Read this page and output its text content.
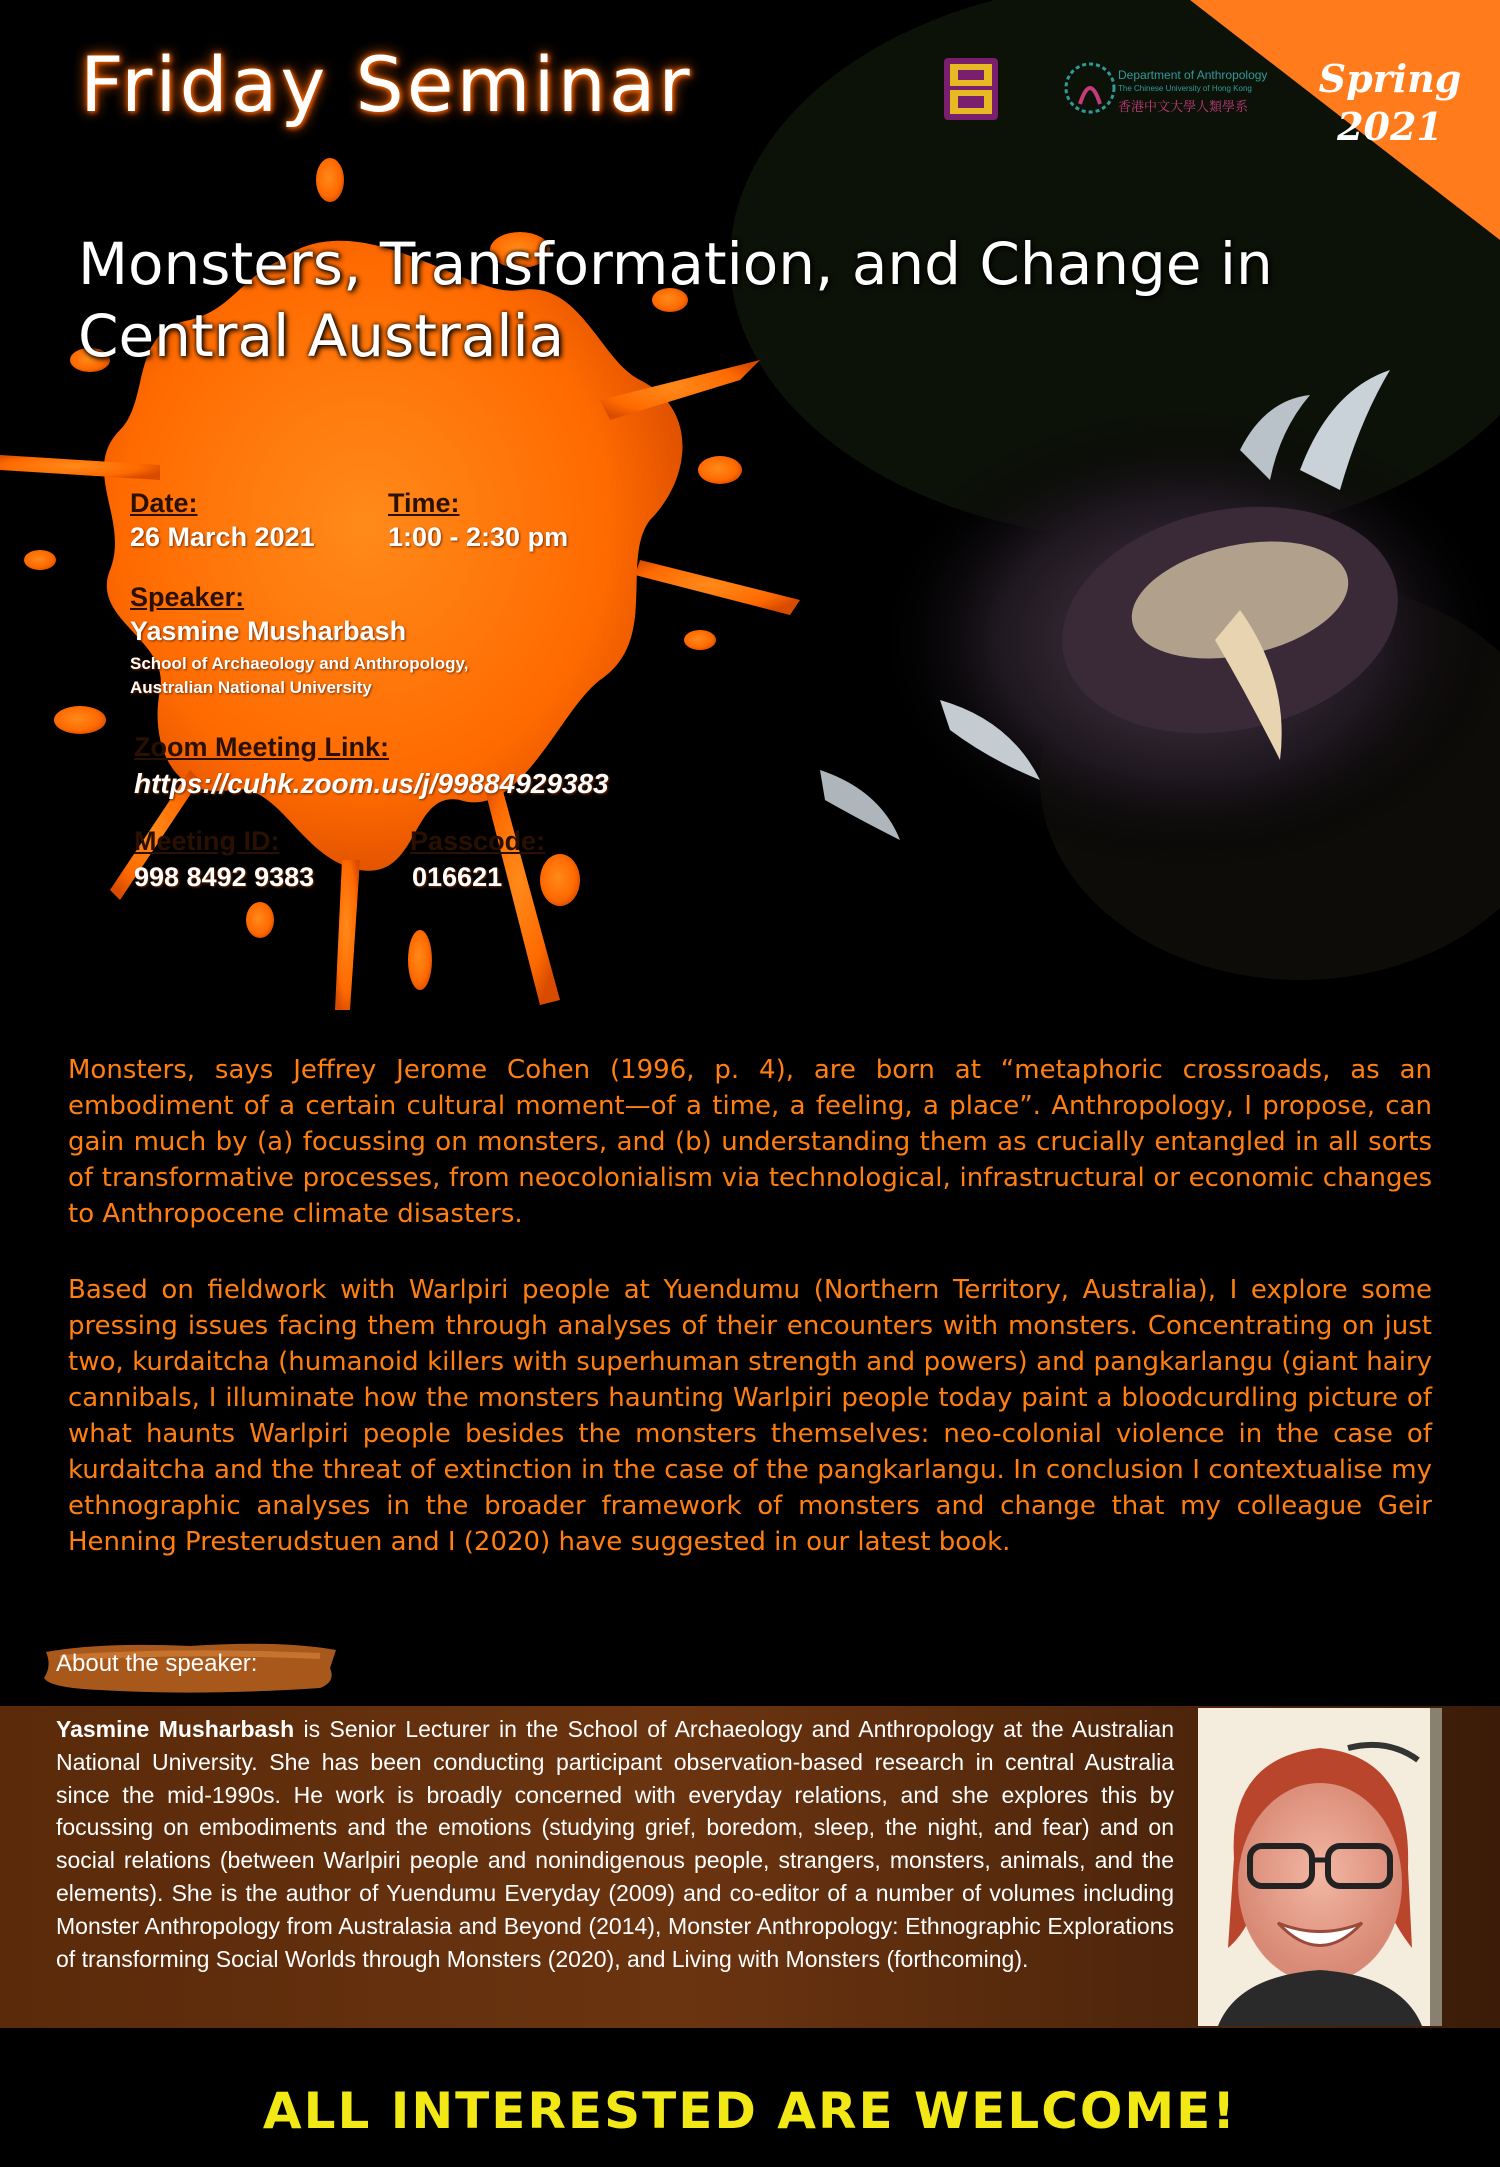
Spring
2021
Department of Anthropology
The Chinese University of Hong Kong
香港中文大學人類學系
Friday Seminar
Monsters, Transformation, and Change in Central Australia
Date:
26 March 2021
Time:
1:00 - 2:30 pm
Speaker:
Yasmine Musharbash
School of Archaeology and Anthropology,
Australian National University
Zoom Meeting Link:
https://cuhk.zoom.us/j/99884929383
Meeting ID:
998 8492 9383
Passcode:
016621

Monsters, says Jeffrey Jerome Cohen (1996, p. 4), are born at “metaphoric crossroads, as an embodiment of a certain cultural moment—of a time, a feeling, a place”. Anthropology, I propose, can gain much by (a) focussing on monsters, and (b) understanding them as crucially entangled in all sorts of transformative processes, from neocolonialism via technological, infrastructural or economic changes to Anthropocene climate disasters.

Based on fieldwork with Warlpiri people at Yuendumu (Northern Territory, Australia), I explore some pressing issues facing them through analyses of their encounters with monsters. Concentrating on just two, kurdaitcha (humanoid killers with superhuman strength and powers) and pangkarlangu (giant hairy cannibals, I illuminate how the monsters haunting Warlpiri people today paint a bloodcurdling picture of what haunts Warlpiri people besides the monsters themselves: neo-colonial violence in the case of kurdaitcha and the threat of extinction in the case of the pangkarlangu. In conclusion I contextualise my ethnographic analyses in the broader framework of monsters and change that my colleague Geir Henning Presterudstuen and I (2020) have suggested in our latest book.

About the speaker:

Yasmine Musharbash is Senior Lecturer in the School of Archaeology and Anthropology at the Australian National University. She has been conducting participant observation-based research in central Australia since the mid-1990s. He work is broadly concerned with everyday relations, and she explores this by focussing on embodiments and the emotions (studying grief, boredom, sleep, the night, and fear) and on social relations (between Warlpiri people and nonindigenous people, strangers, monsters, animals, and the elements). She is the author of Yuendumu Everyday (2009) and co-editor of a number of volumes including Monster Anthropology from Australasia and Beyond (2014), Monster Anthropology: Ethnographic Explorations of transforming Social Worlds through Monsters (2020), and Living with Monsters (forthcoming).

ALL INTERESTED ARE WELCOME!
